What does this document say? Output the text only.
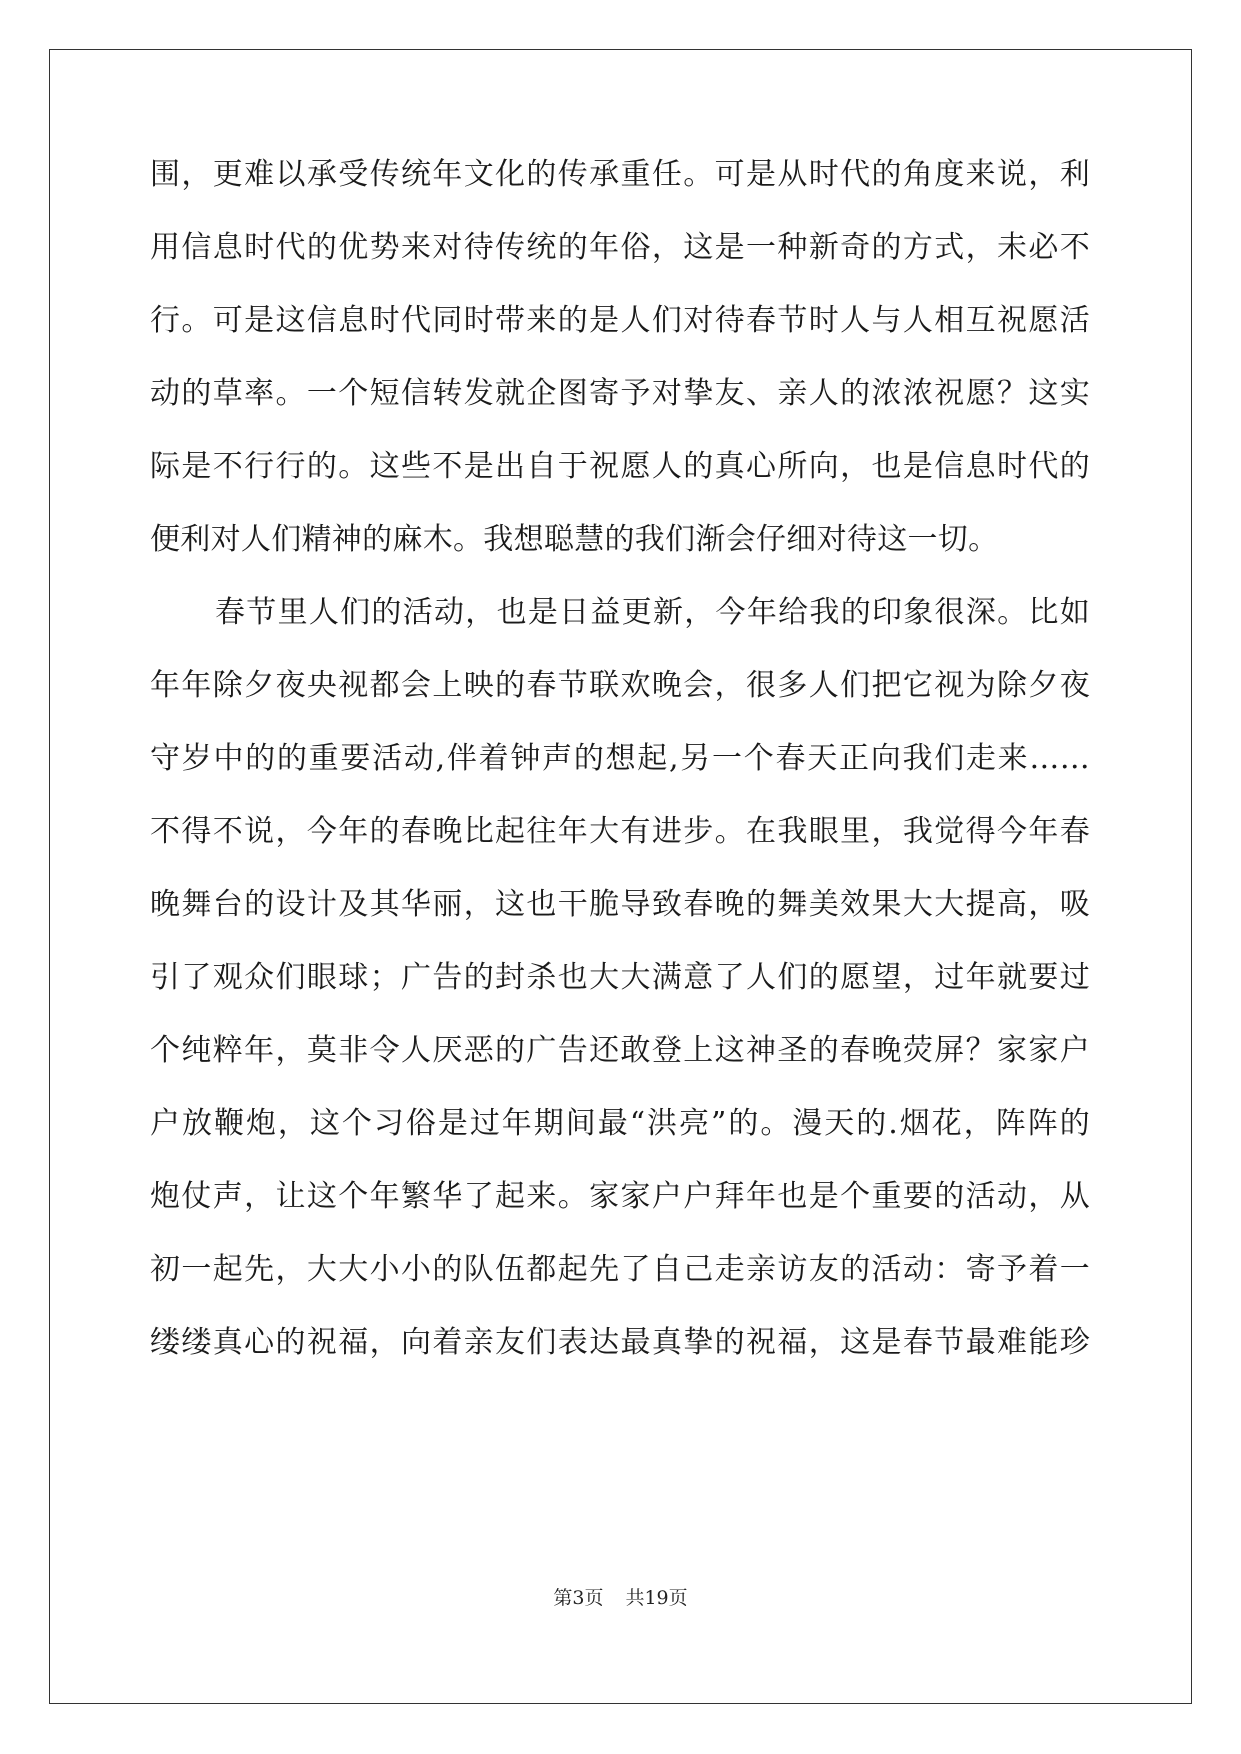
围，更难以承受传统年文化的传承重任。可是从时代的角度来说，利
用信息时代的优势来对待传统的年俗，这是一种新奇的方式，未必不
行。可是这信息时代同时带来的是人们对待春节时人与人相互祝愿活
动的草率。一个短信转发就企图寄予对挚友、亲人的浓浓祝愿？这实
际是不行行的。这些不是出自于祝愿人的真心所向，也是信息时代的
便利对人们精神的麻木。我想聪慧的我们渐会仔细对待这一切。
春节里人们的活动，也是日益更新，今年给我的印象很深。比如
年年除夕夜央视都会上映的春节联欢晚会，很多人们把它视为除夕夜
守岁中的的重要活动,伴着钟声的想起,另一个春天正向我们走来……
不得不说，今年的春晚比起往年大有进步。在我眼里，我觉得今年春
晚舞台的设计及其华丽，这也干脆导致春晚的舞美效果大大提高，吸
引了观众们眼球；广告的封杀也大大满意了人们的愿望，过年就要过
个纯粹年，莫非令人厌恶的广告还敢登上这神圣的春晚荧屏？家家户
户放鞭炮，这个习俗是过年期间最“洪亮”的。漫天的.烟花，阵阵的
炮仗声，让这个年繁华了起来。家家户户拜年也是个重要的活动，从
初一起先，大大小小的队伍都起先了自己走亲访友的活动：寄予着一
缕缕真心的祝福，向着亲友们表达最真挚的祝福，这是春节最难能珍
第3页 共19页
